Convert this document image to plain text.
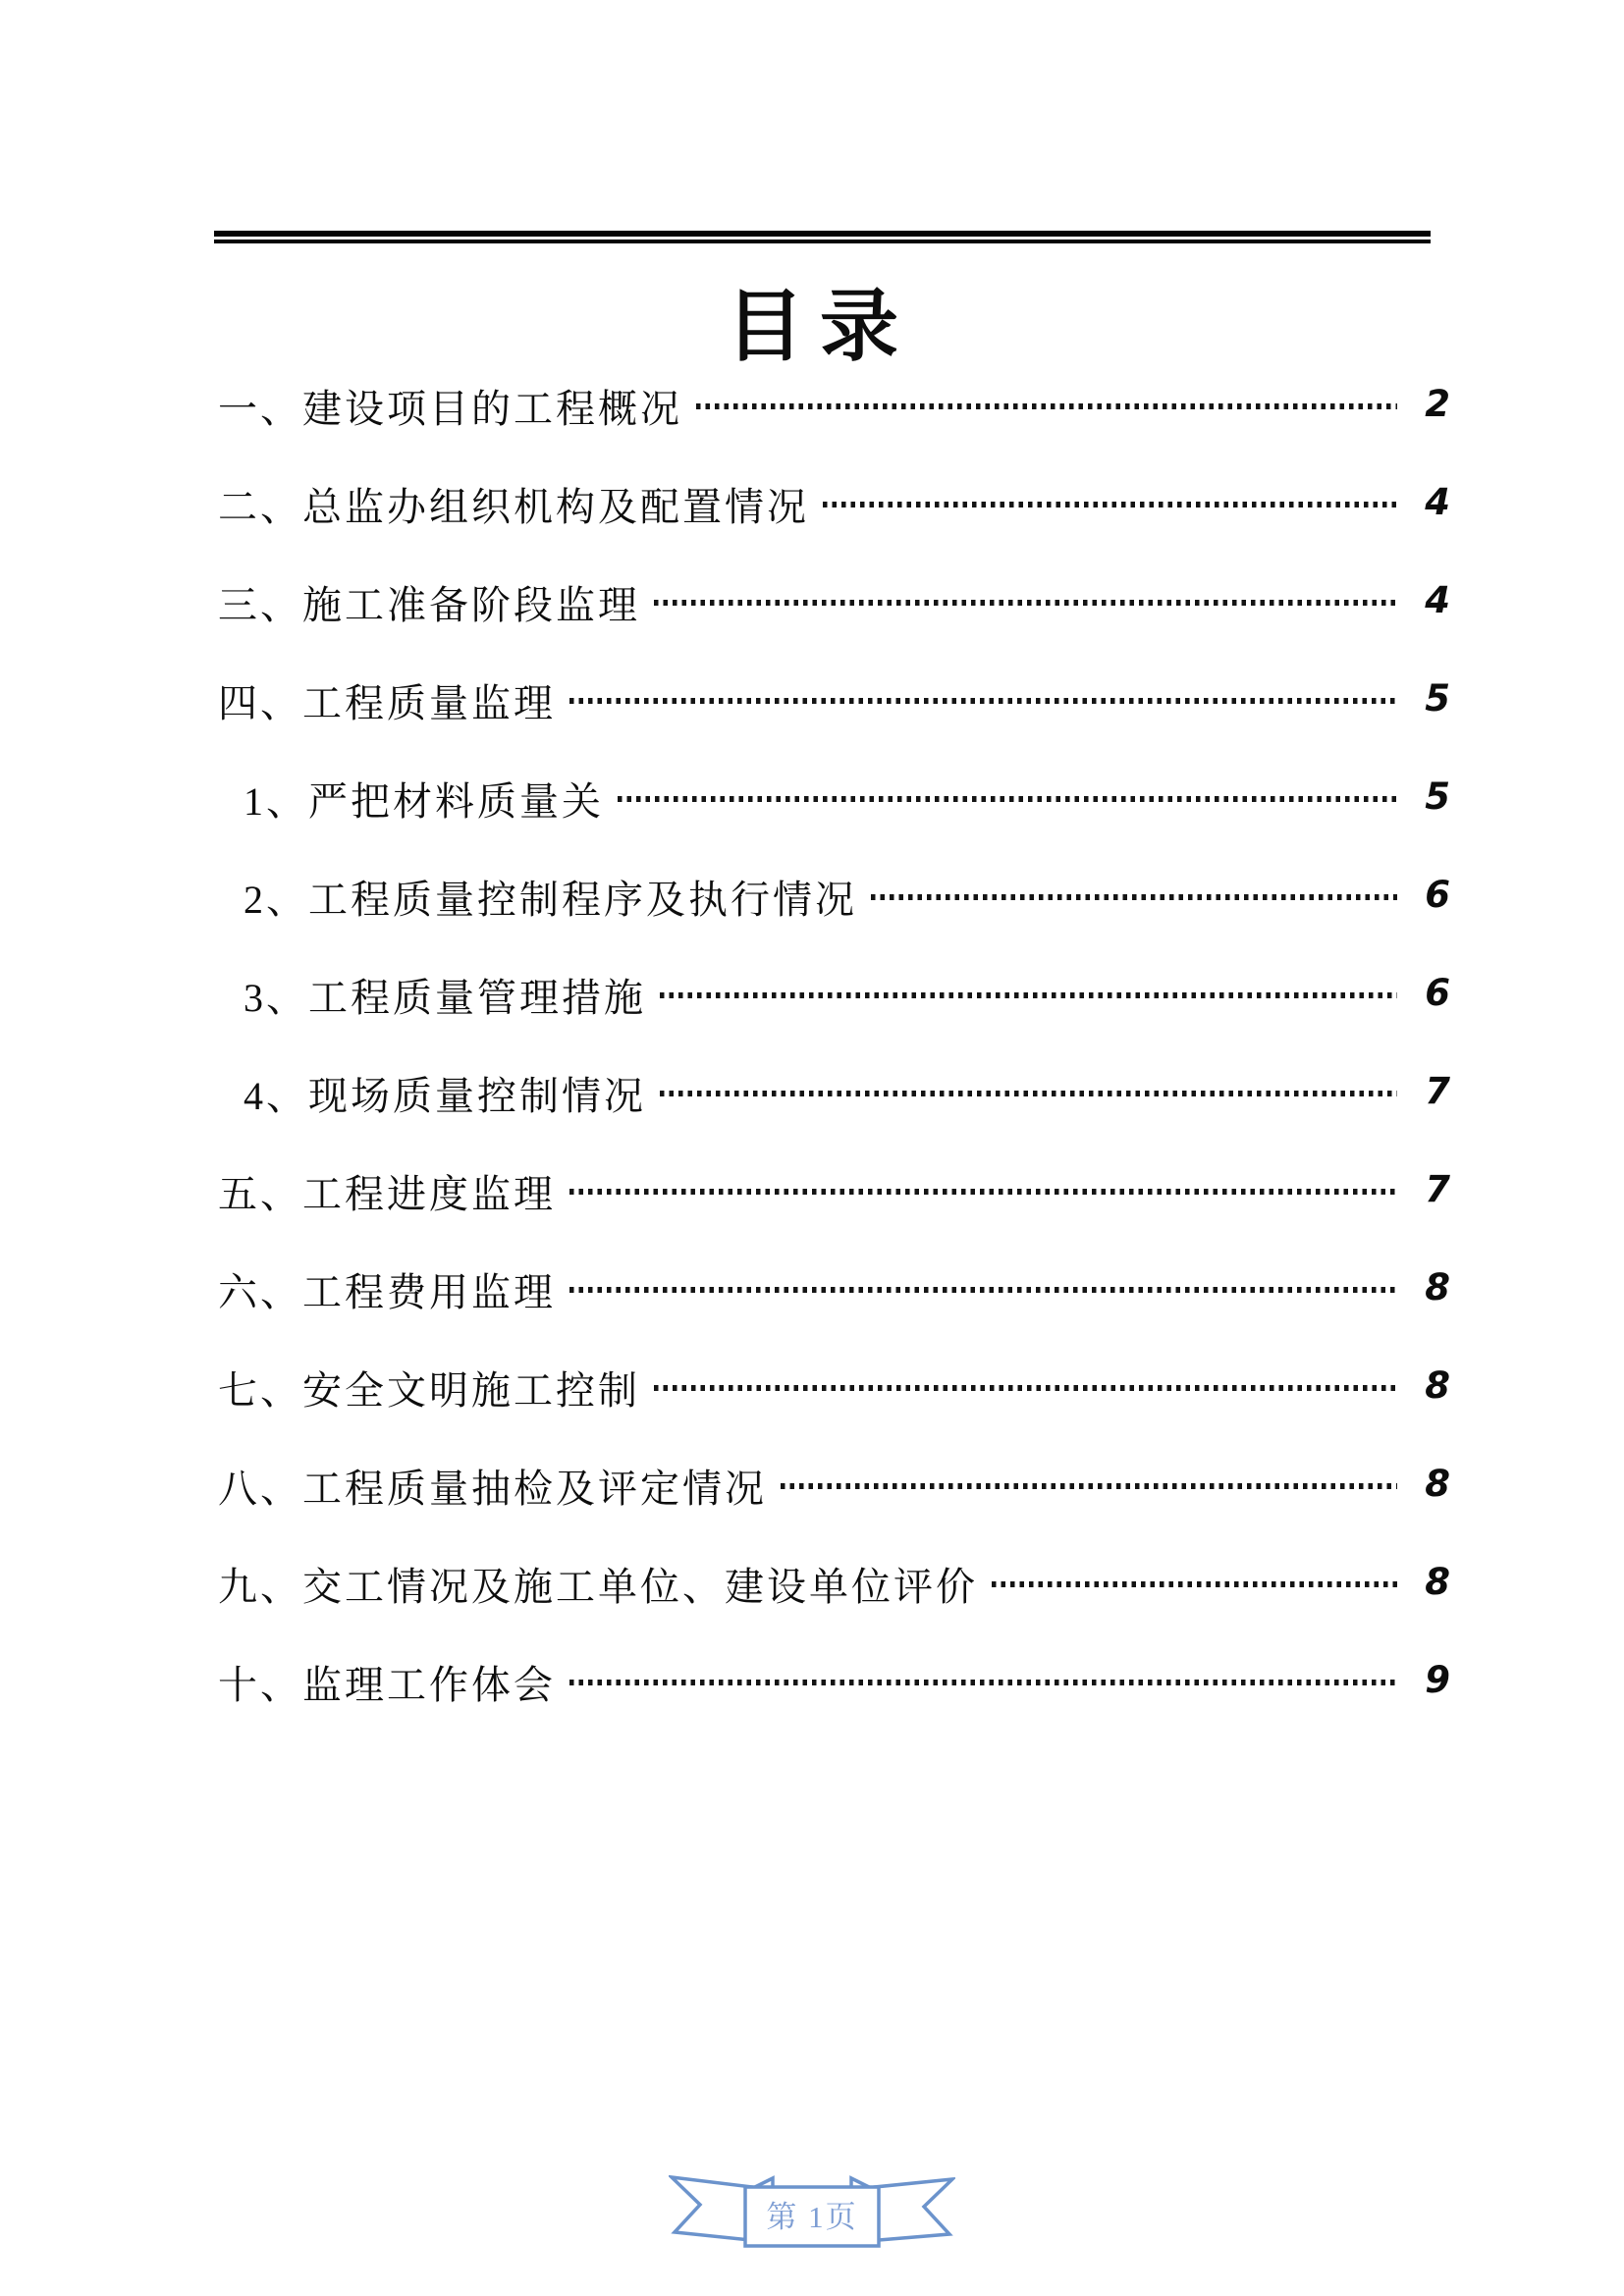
目录
一、建设项目的工程概况	2
二、总监办组织机构及配置情况	4
三、施工准备阶段监理	4
四、工程质量监理	5
1、严把材料质量关	5
2、工程质量控制程序及执行情况	6
3、工程质量管理措施	6
4、现场质量控制情况	7
五、工程进度监理	7
六、工程费用监理	8
七、安全文明施工控制	8
八、工程质量抽检及评定情况	8
九、交工情况及施工单位、建设单位评价	8
十、监理工作体会	9
第 1页
